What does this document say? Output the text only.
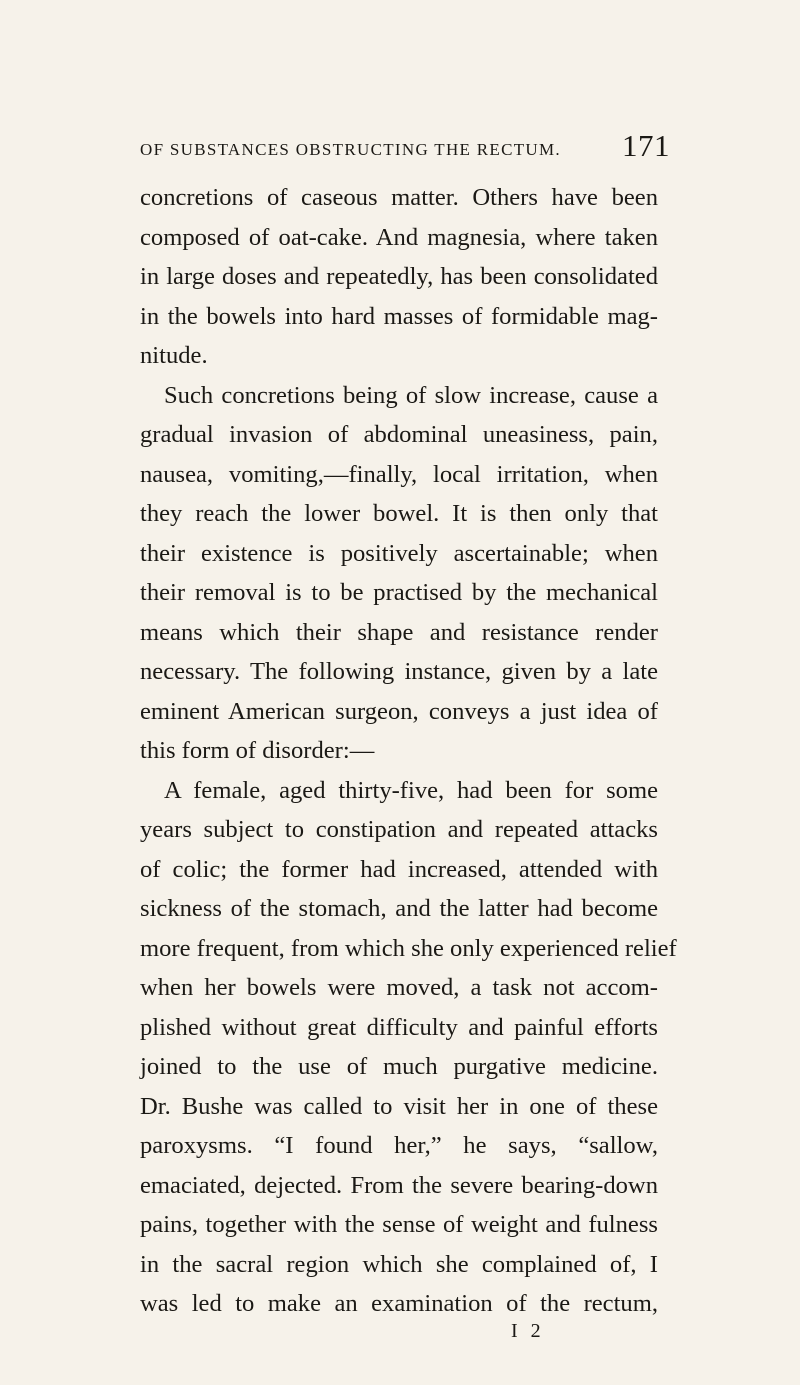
OF SUBSTANCES OBSTRUCTING THE RECTUM. 171
concretions of caseous matter. Others have been
composed of oat-cake. And magnesia, where taken
in large doses and repeatedly, has been consolidated
in the bowels into hard masses of formidable mag-
nitude.
Such concretions being of slow increase, cause a
gradual invasion of abdominal uneasiness, pain,
nausea, vomiting,—finally, local irritation, when
they reach the lower bowel. It is then only that
their existence is positively ascertainable; when
their removal is to be practised by the mechanical
means which their shape and resistance render
necessary. The following instance, given by a late
eminent American surgeon, conveys a just idea of
this form of disorder:—
A female, aged thirty-five, had been for some
years subject to constipation and repeated attacks
of colic; the former had increased, attended with
sickness of the stomach, and the latter had become
more frequent, from which she only experienced relief
when her bowels were moved, a task not accom-
plished without great difficulty and painful efforts
joined to the use of much purgative medicine.
Dr. Bushe was called to visit her in one of these
paroxysms. “I found her,” he says, “sallow,
emaciated, dejected. From the severe bearing-down
pains, together with the sense of weight and fulness
in the sacral region which she complained of, I
was led to make an examination of the rectum,
I 2
